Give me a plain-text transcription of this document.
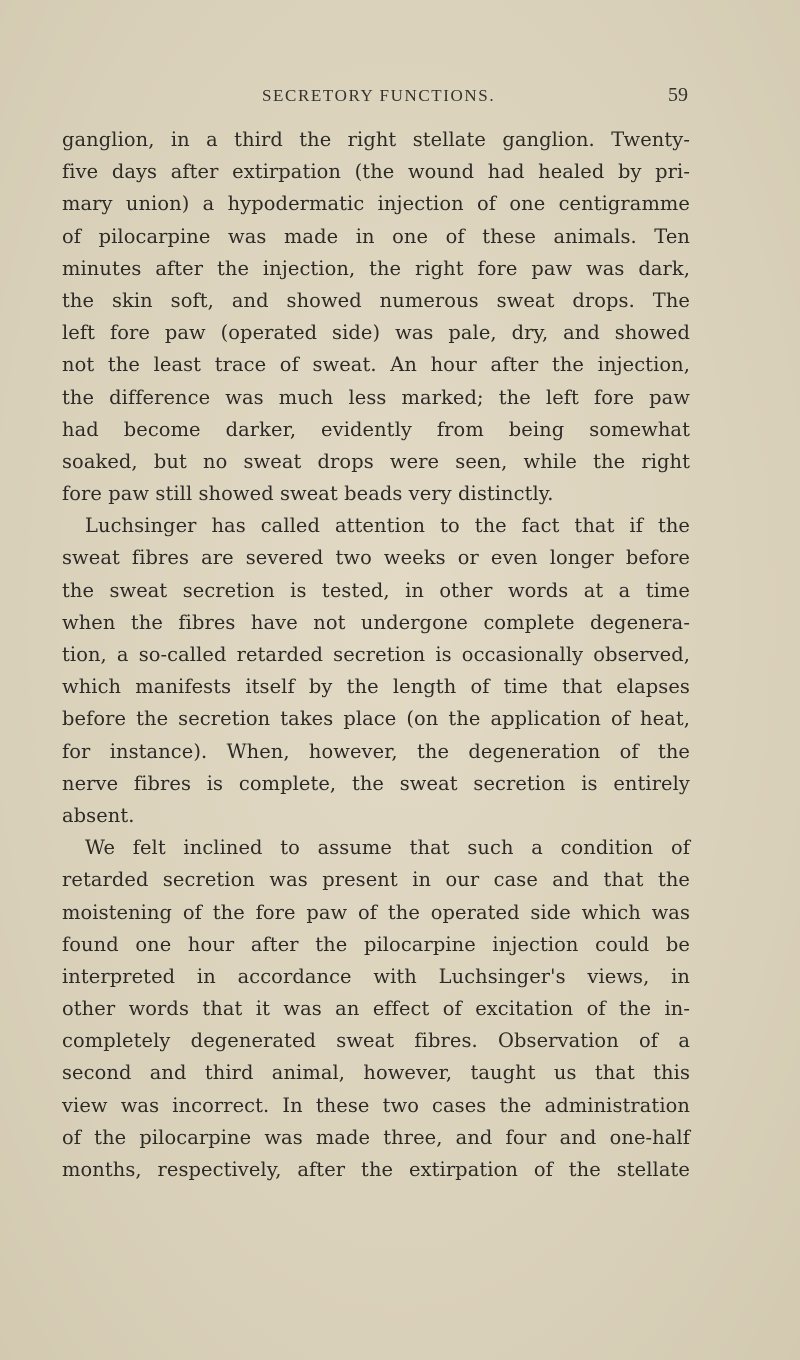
SECRETORY FUNCTIONS.	59
ganglion, in a third the right stellate ganglion. Twenty-
five days after extirpation (the wound had healed by pri-
mary union) a hypodermatic injection of one centigramme
of pilocarpine was made in one of these animals. Ten
minutes after the injection, the right fore paw was dark,
the skin soft, and showed numerous sweat drops. The
left fore paw (operated side) was pale, dry, and showed
not the least trace of sweat. An hour after the injection,
the difference was much less marked; the left fore paw
had become darker, evidently from being somewhat
soaked, but no sweat drops were seen, while the right
fore paw still showed sweat beads very distinctly.
Luchsinger has called attention to the fact that if the
sweat fibres are severed two weeks or even longer before
the sweat secretion is tested, in other words at a time
when the fibres have not undergone complete degenera-
tion, a so-called retarded secretion is occasionally observed,
which manifests itself by the length of time that elapses
before the secretion takes place (on the application of heat,
for instance). When, however, the degeneration of the
nerve fibres is complete, the sweat secretion is entirely
absent.
We felt inclined to assume that such a condition of
retarded secretion was present in our case and that the
moistening of the fore paw of the operated side which was
found one hour after the pilocarpine injection could be
interpreted in accordance with Luchsinger's views, in
other words that it was an effect of excitation of the in-
completely degenerated sweat fibres. Observation of a
second and third animal, however, taught us that this
view was incorrect. In these two cases the administration
of the pilocarpine was made three, and four and one-half
months, respectively, after the extirpation of the stellate
